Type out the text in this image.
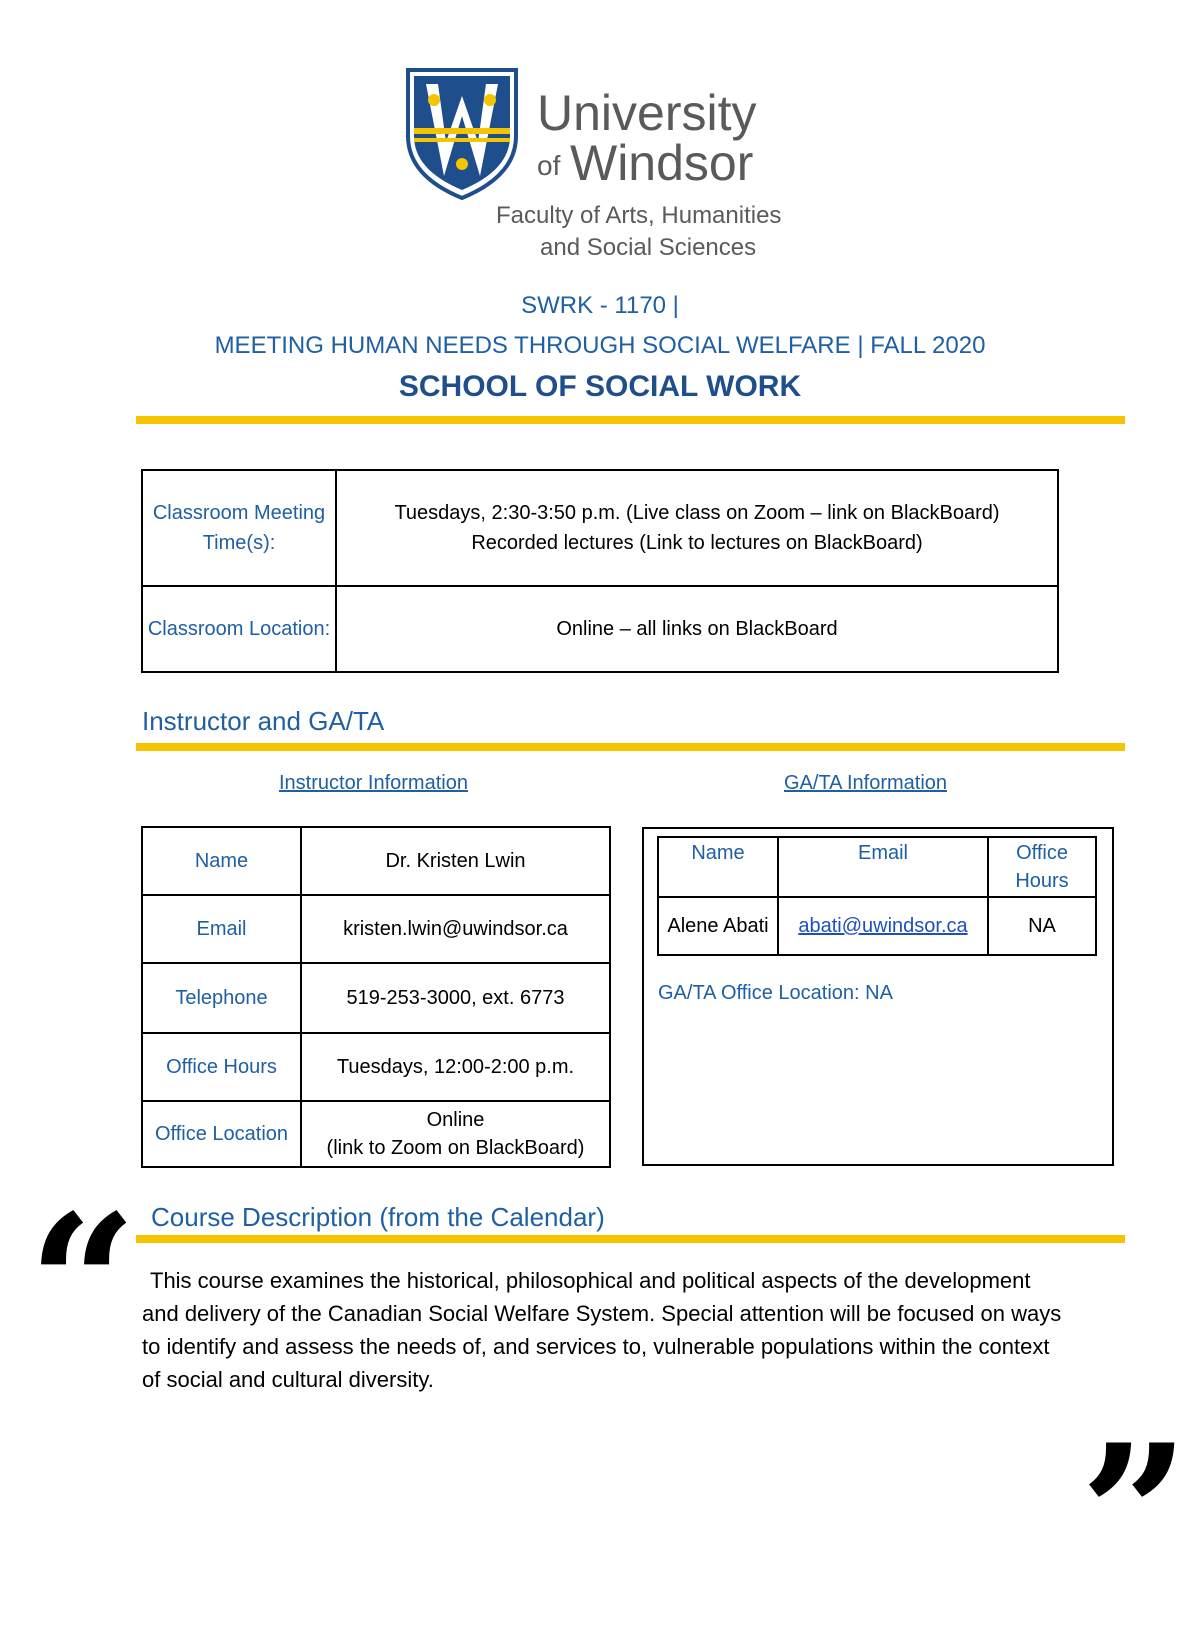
University
of Windsor
Faculty of Arts, Humanities
and Social Sciences
SWRK - 1170 |
MEETING HUMAN NEEDS THROUGH SOCIAL WELFARE | FALL 2020
SCHOOL OF SOCIAL WORK
Classroom Meeting Time(s):	Tuesdays, 2:30-3:50 p.m. (Live class on Zoom – link on BlackBoard)
Recorded lectures (Link to lectures on BlackBoard)

Classroom Location:	Online – all links on BlackBoard
Instructor and GA/TA
Instructor Information	GA/TA Information
Name	Dr. Kristen Lwin
Email	kristen.lwin@uwindsor.ca
Telephone	519-253-3000, ext. 6773
Office Hours	Tuesdays, 12:00-2:00 p.m.
Office Location	Online
(link to Zoom on BlackBoard)
Name	Email	Office Hours
Alene Abati	abati@uwindsor.ca	NA
GA/TA Office Location: NA
Course Description (from the Calendar)
“ This course examines the historical, philosophical and political aspects of the development and delivery of the Canadian Social Welfare System. Special attention will be focused on ways to identify and assess the needs of, and services to, vulnerable populations within the context of social and cultural diversity.
”
